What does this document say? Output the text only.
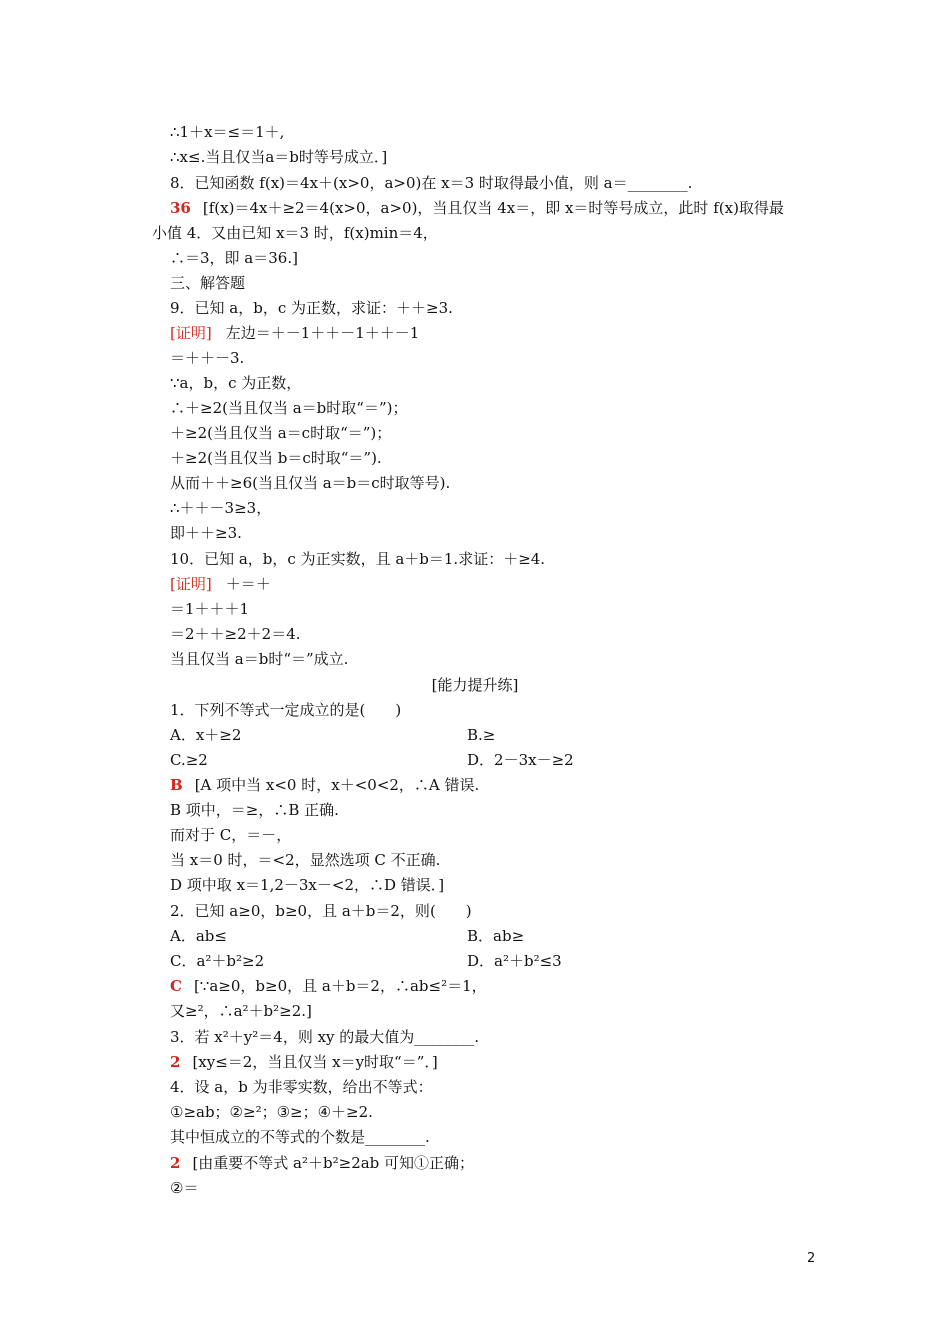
[能力提升练]
2
∴1＋x＝≤＝1＋,
∴x≤.当且仅当a＝b时等号成立．]
8．已知函数 f(x)＝4x＋(x>0，a>0)在 x＝3 时取得最小值，则 a＝________.
36 [f(x)＝4x＋≥2＝4(x>0，a>0)，当且仅当 4x＝，即 x＝时等号成立，此时 f(x)取得最
小值 4．又由已知 x＝3 时，f(x)min＝4，
∴＝3，即 a＝36.]
三、解答题
9．已知 a，b，c 为正数，求证：＋＋≥3.
[证明] 左边＝＋－1＋＋－1＋＋－1
＝＋＋－3.
∵a，b，c 为正数，
∴＋≥2(当且仅当 a＝b时取“＝”)；
＋≥2(当且仅当 a＝c时取“＝”)；
＋≥2(当且仅当 b＝c时取“＝”).
从而＋＋≥6(当且仅当 a＝b＝c时取等号).
∴＋＋－3≥3，
即＋＋≥3.
10．已知 a，b，c 为正实数，且 a＋b＝1.求证：＋≥4.
[证明] ＋＝＋
＝1＋＋＋1
＝2＋＋≥2＋2＝4.
当且仅当 a＝b时“＝”成立.
1．下列不等式一定成立的是(　　)
A．x＋≥2	B.≥
C.≥2	D．2－3x－≥2
B [A 项中当 x<0 时，x＋<0<2，∴A 错误.
B 项中，＝≥，∴B 正确.
而对于 C，＝－，
当 x＝0 时，＝<2，显然选项 C 不正确.
D 项中取 x＝1,2－3x－<2，∴D 错误．]
2．已知 a≥0，b≥0，且 a＋b＝2，则(　　)
A．ab≤	B．ab≥
C．a²＋b²≥2	D．a²＋b²≤3
C [∵a≥0，b≥0，且 a＋b＝2，∴ab≤²＝1，
又≥²，∴a²＋b²≥2.]
3．若 x²＋y²＝4，则 xy 的最大值为________.
2 [xy≤＝2，当且仅当 x＝y时取“＝”．]
4．设 a，b 为非零实数，给出不等式：
①≥ab；②≥²；③≥；④＋≥2.
其中恒成立的不等式的个数是________.
2 [由重要不等式 a²＋b²≥2ab 可知①正确；
②＝
